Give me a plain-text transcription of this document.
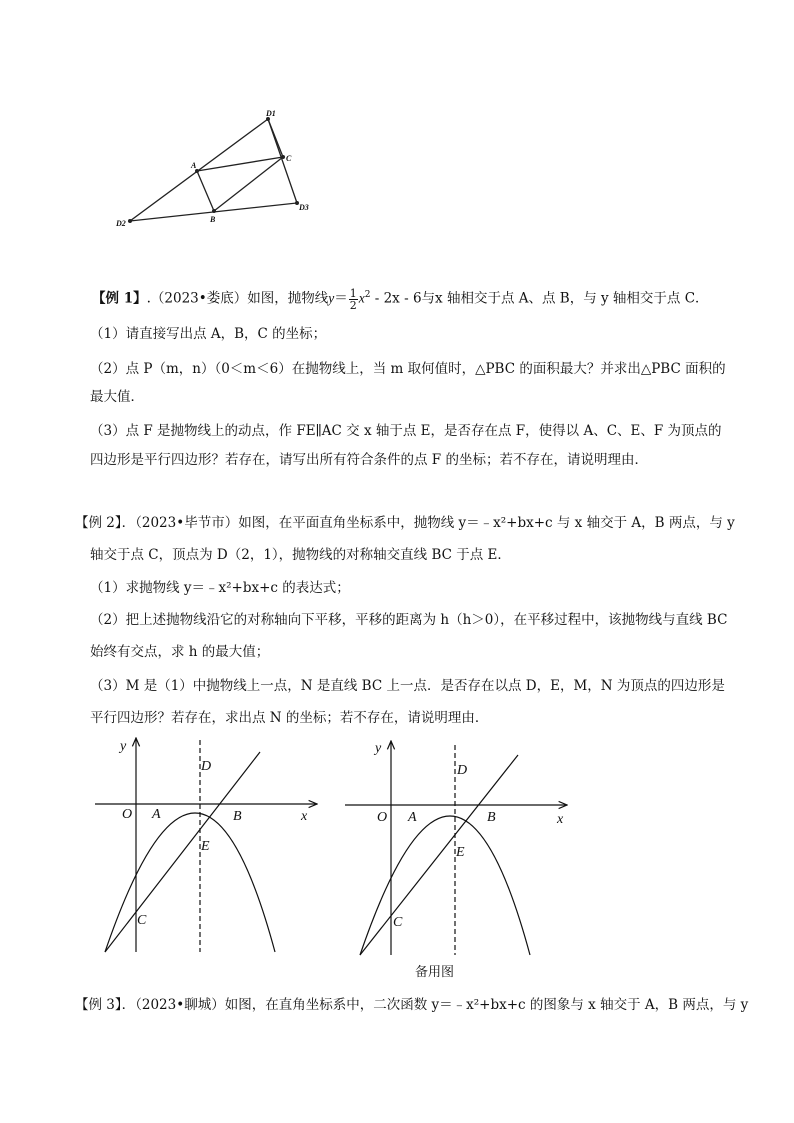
D1
C
A
B
D2
D3
【例 1】.（2023•娄底）如图，抛物线$y= \frac{1}{2} x^2 - 2x - 6$与x 轴相交于点 A、点 B，与 y 轴相交于点 C．
（1）请直接写出点 A，B，C 的坐标；
（2）点 P（m，n）（0＜m＜6）在抛物线上，当 m 取何值时，△PBC 的面积最大？并求出△PBC 面积的
最大值．
（3）点 F 是抛物线上的动点，作 FE∥AC 交 x 轴于点 E，是否存在点 F，使得以 A、C、E、F 为顶点的
四边形是平行四边形？若存在，请写出所有符合条件的点 F 的坐标；若不存在，请说明理由．
【例 2】．（2023•毕节市）如图，在平面直角坐标系中，抛物线 y＝﹣x²+bx+c 与 x 轴交于 A，B 两点，与 y
轴交于点 C，顶点为 D（2，1），抛物线的对称轴交直线 BC 于点 E．
（1）求抛物线 y＝﹣x²+bx+c 的表达式；
（2）把上述抛物线沿它的对称轴向下平移，平移的距离为 h（h＞0），在平移过程中，该抛物线与直线 BC
始终有交点，求 h 的最大值；
（3）M 是（1）中抛物线上一点，N 是直线 BC 上一点．是否存在以点 D，E，M，N 为顶点的四边形是
平行四边形？若存在，求出点 N 的坐标；若不存在，请说明理由．
y
x
O A	B
C
D
E
y
x
O A	B
C
D
E
备用图
【例 3】．（2023•聊城）如图，在直角坐标系中，二次函数 y＝﹣x²+bx+c 的图象与 x 轴交于 A，B 两点，与 y
